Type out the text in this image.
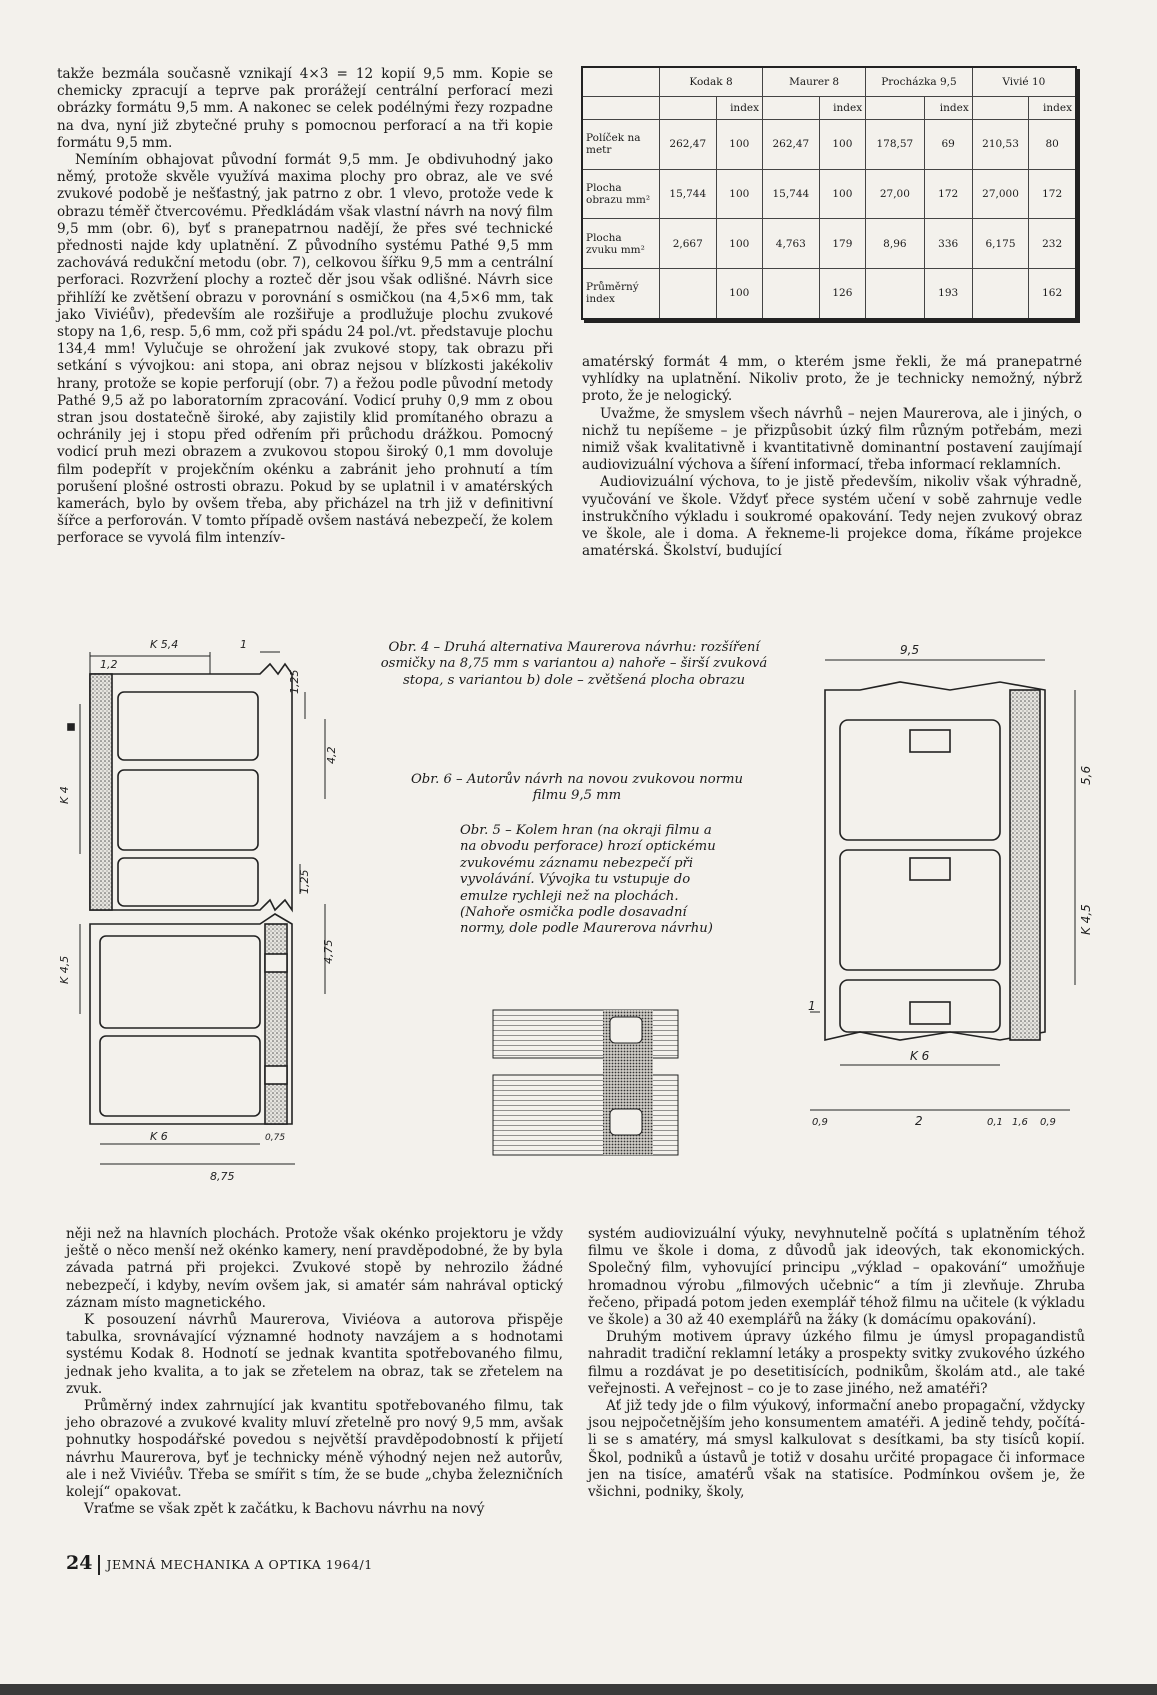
takže bezmála současně vznikají 4×3 = 12 kopií 9,5 mm. Kopie se chemicky zpracují a teprve pak prorážejí centrální perforací mezi obrázky formátu 9,5 mm. A nakonec se celek podélnými řezy rozpadne na dva, nyní již zbytečné pruhy s pomocnou perforací a na tři kopie formátu 9,5 mm.

Nemíním obhajovat původní formát 9,5 mm. Je obdivuhodný jako němý, protože skvěle využívá maxima plochy pro obraz, ale ve své zvukové podobě je nešťastný, jak patrno z obr. 1 vlevo, protože vede k obrazu téměř čtvercovému. Předkládám však vlastní návrh na nový film 9,5 mm (obr. 6), byť s pranepatrnou nadějí, že přes své technické přednosti najde kdy uplatnění. Z původního systému Pathé 9,5 mm zachovává redukční metodu (obr. 7), celkovou šířku 9,5 mm a centrální perforaci. Rozvržení plochy a rozteč děr jsou však odlišné. Návrh sice přihlíží ke zvětšení obrazu v porovnání s osmičkou (na 4,5×6 mm, tak jako Viviéův), především ale rozšiřuje a prodlužuje plochu zvukové stopy na 1,6, resp. 5,6 mm, což při spádu 24 pol./vt. představuje plochu 134,4 mm! Vylučuje se ohrožení jak zvukové stopy, tak obrazu při setkání s vývojkou: ani stopa, ani obraz nejsou v blízkosti jakékoliv hrany, protože se kopie perforují (obr. 7) a řežou podle původní metody Pathé 9,5 až po laboratorním zpracování. Vodicí pruhy 0,9 mm z obou stran jsou dostatečně široké, aby zajistily klid promítaného obrazu a ochránily jej i stopu před odřením při průchodu drážkou. Pomocný vodicí pruh mezi obrazem a zvukovou stopou široký 0,1 mm dovoluje film podepřít v projekčním okénku a zabránit jeho prohnutí a tím porušení plošné ostrosti obrazu. Pokud by se uplatnil i v amatérských kamerách, bylo by ovšem třeba, aby přicházel na trh již v definitivní šířce a perforován. V tomto případě ovšem nastává nebezpečí, že kolem perforace se vyvolá film intenzív-

	Kodak 8		Maurer 8		Procházka 9,5		Vivié 10	
		index		index		index		index
Políček na metr	262,47	100	262,47	100	178,57	69	210,53	80
Plocha obrazu mm²	15,744	100	15,744	100	27,00	172	27,000	172
Plocha zvuku mm²	2,667	100	4,763	179	8,96	336	6,175	232
Průměrný index		100		126		193		162

amatérský formát 4 mm, o kterém jsme řekli, že má pranepatrné vyhlídky na uplatnění. Nikoliv proto, že je technicky nemožný, nýbrž proto, že je nelogický.

Uvažme, že smyslem všech návrhů – nejen Maurerova, ale i jiných, o nichž tu nepíšeme – je přizpůsobit úzký film různým potřebám, mezi nimiž však kvalitativně i kvantitativně dominantní postavení zaujímají audiovizuální výchova a šíření informací, třeba informací reklamních.

Audiovizuální výchova, to je jistě především, nikoliv však výhradně, vyučování ve škole. Vždyť přece systém učení v sobě zahrnuje vedle instrukčního výkladu i soukromé opakování. Tedy nejen zvukový obraz ve škole, ale i doma. A řekneme-li projekce doma, říkáme projekce amatérská. Školství, budující

K 5,4	1
1,2
1,25
4,2
K 4
1,25
4,75
K 4,5
K 6	0,75
8,75
Obr. 4 – Druhá alternativa Maurerova návrhu: rozšíření osmičky na 8,75 mm s variantou a) nahoře – širší zvuková stopa, s variantou b) dole – zvětšená plocha obrazu
Obr. 6 – Autorův návrh na novou zvukovou normu filmu 9,5 mm
Obr. 5 – Kolem hran (na okraji filmu a na obvodu perforace) hrozí optickému zvukovému záznamu nebezpečí při vyvolávání. Vývojka tu vstupuje do emulze rychleji než na plochách. (Nahoře osmička podle dosavadní normy, dole podle Maurerova návrhu)
9,5
5,6
K 4,5
1
K 6
0,9	2	0,1 1,6 0,9

něji než na hlavních plochách. Protože však okénko projektoru je vždy ještě o něco menší než okénko kamery, není pravděpodobné, že by byla závada patrná při projekci. Zvukové stopě by nehrozilo žádné nebezpečí, i kdyby, nevím ovšem jak, si amatér sám nahrával optický záznam místo magnetického.

K posouzení návrhů Maurerova, Viviéova a autorova přispěje tabulka, srovnávající významné hodnoty navzájem a s hodnotami systému Kodak 8. Hodnotí se jednak kvantita spotřebovaného filmu, jednak jeho kvalita, a to jak se zřetelem na obraz, tak se zřetelem na zvuk.

Průměrný index zahrnující jak kvantitu spotřebovaného filmu, tak jeho obrazové a zvukové kvality mluví zřetelně pro nový 9,5 mm, avšak pohnutky hospodářské povedou s největší pravděpodobností k přijetí návrhu Maurerova, byť je technicky méně výhodný nejen než autorův, ale i než Viviéův. Třeba se smířit s tím, že se bude „chyba železničních kolejí“ opakovat.

Vraťme se však zpět k začátku, k Bachovu návrhu na nový

systém audiovizuální výuky, nevyhnutelně počítá s uplatněním téhož filmu ve škole i doma, z důvodů jak ideových, tak ekonomických. Společný film, vyhovující principu „výklad – opakování“ umožňuje hromadnou výrobu „filmových učebnic“ a tím ji zlevňuje. Zhruba řečeno, připadá potom jeden exemplář téhož filmu na učitele (k výkladu ve škole) a 30 až 40 exemplářů na žáky (k domácímu opakování).

Druhým motivem úpravy úzkého filmu je úmysl propagandistů nahradit tradiční reklamní letáky a prospekty svitky zvukového úzkého filmu a rozdávat je po desetitisících, podnikům, školám atd., ale také veřejnosti. A veřejnost – co je to zase jiného, než amatéři?

Ať již tedy jde o film výukový, informační anebo propagační, vždycky jsou nejpočetnějším jeho konsumentem amatéři. A jedině tehdy, počítá-li se s amatéry, má smysl kalkulovat s desítkami, ba sty tisíců kopií. Škol, podniků a ústavů je totiž v dosahu určité propagace či informace jen na tisíce, amatérů však na statisíce. Podmínkou ovšem je, že všichni, podniky, školy,

24 JEMNÁ MECHANIKA A OPTIKA 1964/1
